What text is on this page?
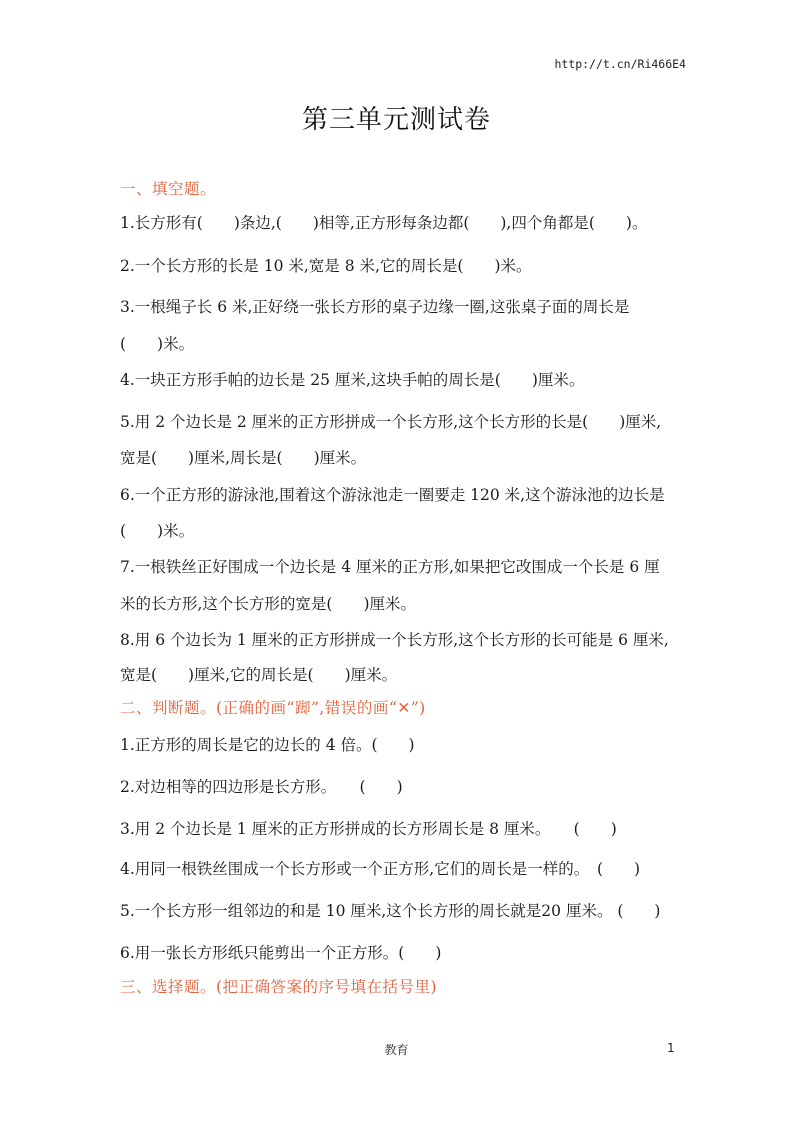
http://t.cn/Ri466E4
第三单元测试卷
一、填空题。
1.长方形有(　　)条边,(　　)相等,正方形每条边都(　　),四个角都是(　　)。
2.一个长方形的长是 10 米,宽是 8 米,它的周长是(　　)米。
3.一根绳子长 6 米,正好绕一张长方形的桌子边缘一圈,这张桌子面的周长是
(　　)米。
4.一块正方形手帕的边长是 25 厘米,这块手帕的周长是(　　)厘米。
5.用 2 个边长是 2 厘米的正方形拼成一个长方形,这个长方形的长是(　　)厘米,
宽是(　　)厘米,周长是(　　)厘米。
6.一个正方形的游泳池,围着这个游泳池走一圈要走 120 米,这个游泳池的边长是
(　　)米。
7.一根铁丝正好围成一个边长是 4 厘米的正方形,如果把它改围成一个长是 6 厘
米的长方形,这个长方形的宽是(　　)厘米。
8.用 6 个边长为 1 厘米的正方形拼成一个长方形,这个长方形的长可能是 6 厘米,
宽是(　　)厘米,它的周长是(　　)厘米。
二、判断题。(正确的画“踋”,错误的画“✕”)
1.正方形的周长是它的边长的 4 倍。(　　)
2.对边相等的四边形是长方形。　　(　　)
3.用 2 个边长是 1 厘米的正方形拼成的长方形周长是 8 厘米。　　(　　)
4.用同一根铁丝围成一个长方形或一个正方形,它们的周长是一样的。　(　　)
5.一个长方形一组邻边的和是 10 厘米,这个长方形的周长就是20 厘米。 (　　)
6.用一张长方形纸只能剪出一个正方形。(　　)
三、选择题。(把正确答案的序号填在括号里)
教育	1
